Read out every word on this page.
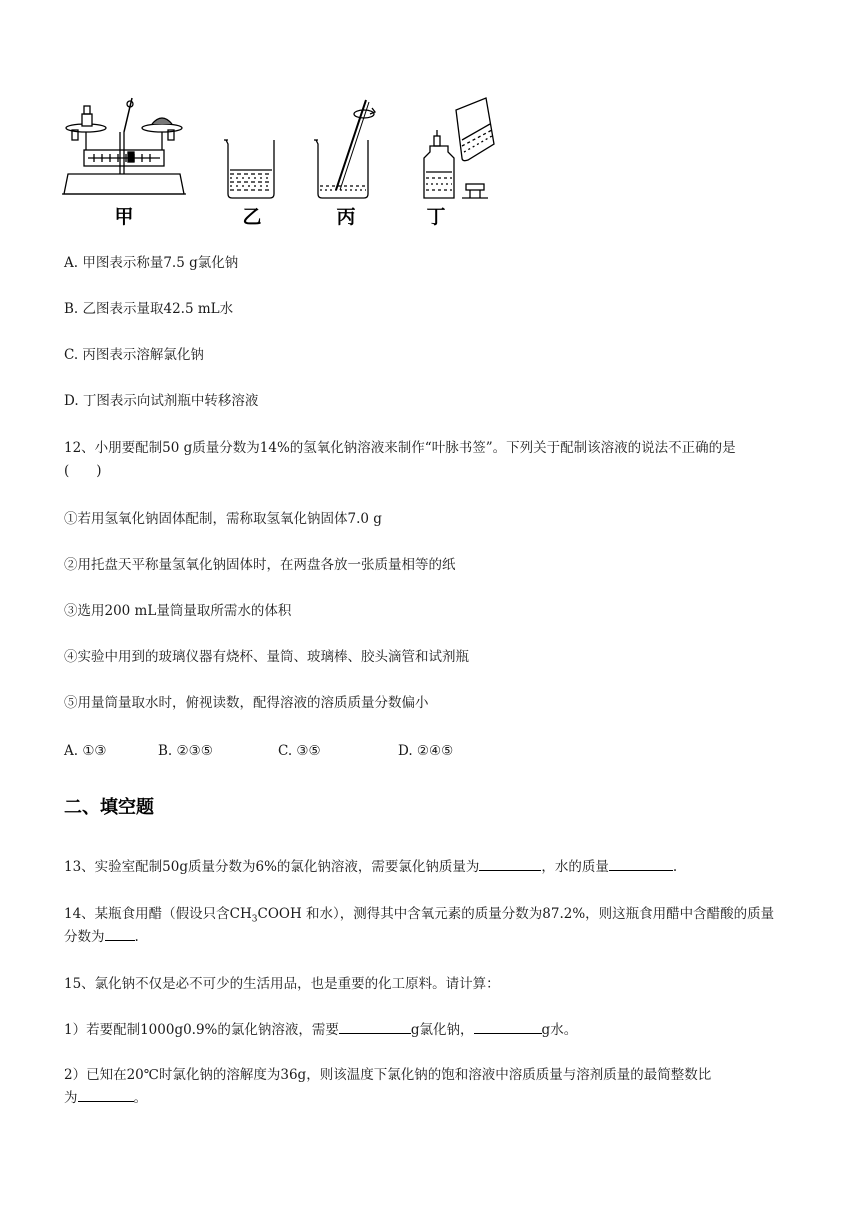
甲	乙	丙	丁
A. 甲图表示称量7.5 g氯化钠
B. 乙图表示量取42.5 mL水
C. 丙图表示溶解氯化钠
D. 丁图表示向试剂瓶中转移溶液
12、小朋要配制50 g质量分数为14%的氢氧化钠溶液来制作“叶脉书签”。下列关于配制该溶液的说法不正确的是
(　　)
①若用氢氧化钠固体配制，需称取氢氧化钠固体7.0 g
②用托盘天平称量氢氧化钠固体时，在两盘各放一张质量相等的纸
③选用200 mL量筒量取所需水的体积
④实验中用到的玻璃仪器有烧杯、量筒、玻璃棒、胶头滴管和试剂瓶
⑤用量筒量取水时，俯视读数，配得溶液的溶质质量分数偏小
A. ①③	B. ②③⑤	C. ③⑤	D. ②④⑤
二、填空题
13、实验室配制50g质量分数为6%的氯化钠溶液，需要氯化钠质量为	，水的质量	.
14、某瓶食用醋（假设只含$CH_3COOH$ 和水），测得其中含氧元素的质量分数为87.2%，则这瓶食用醋中含醋酸的质量
分数为 .
15、氯化钠不仅是必不可少的生活用品，也是重要的化工原料。请计算：
1）若要配制1000g0.9%的氯化钠溶液，需要	g氯化钠，	g水。
2）已知在20℃时氯化钠的溶解度为36g，则该温度下氯化钠的饱和溶液中溶质质量与溶剂质量的最简整数比
为	。
